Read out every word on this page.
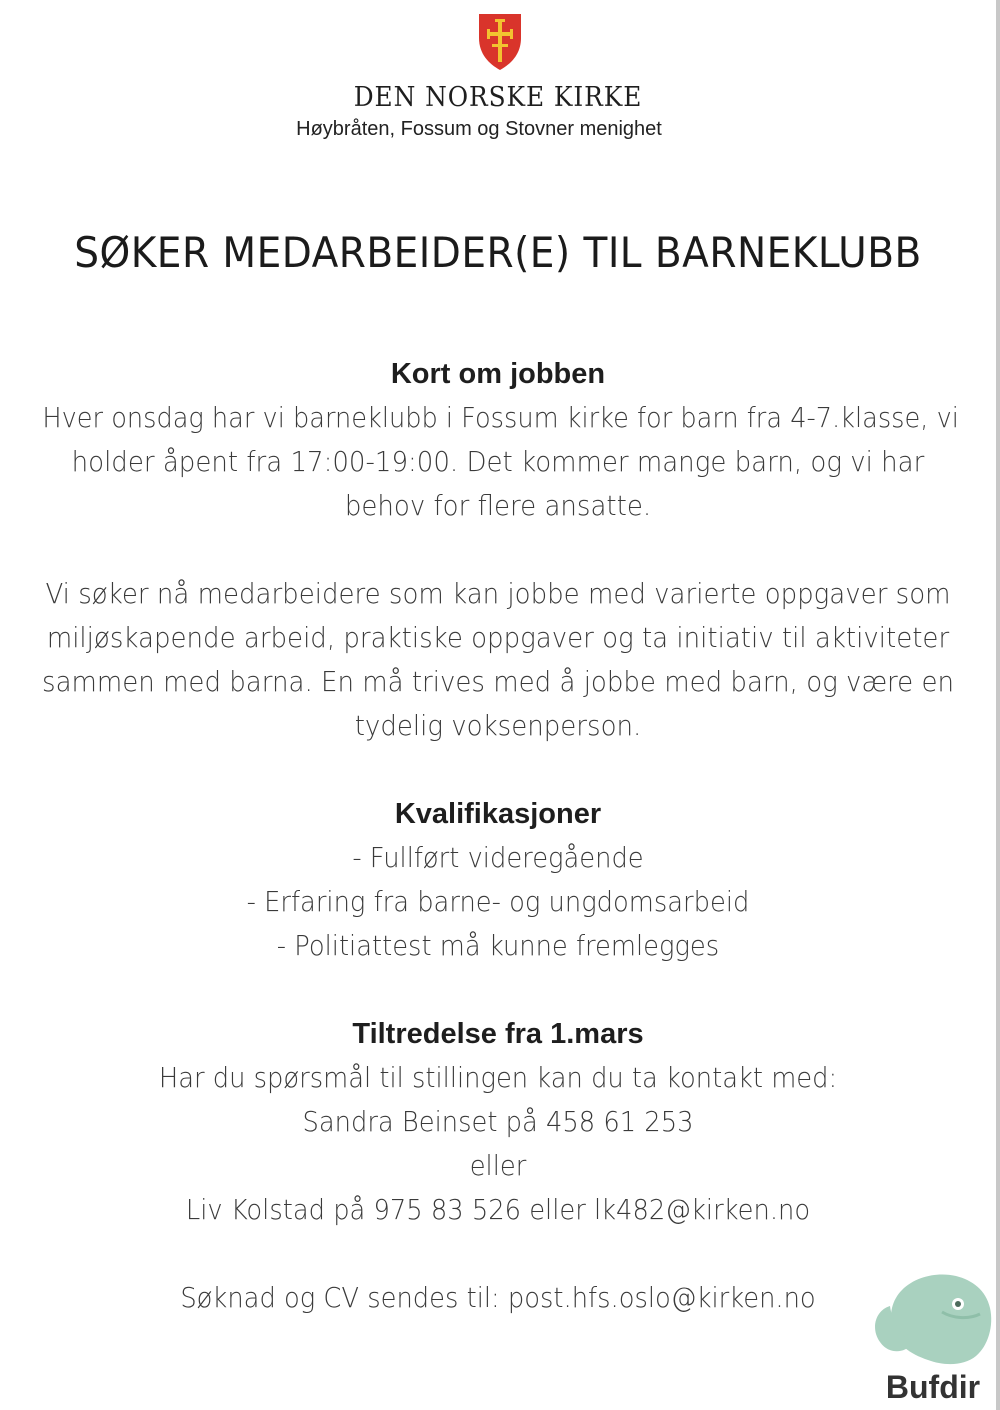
DEN NORSKE KIRKE
Høybråten, Fossum og Stovner menighet
SØKER MEDARBEIDER(E) TIL BARNEKLUBB
Kort om jobben
Hver onsdag har vi barneklubb i Fossum kirke for barn fra 4-7.klasse, vi
holder åpent fra 17:00-19:00. Det kommer mange barn, og vi har
behov for flere ansatte.
Vi søker nå medarbeidere som kan jobbe med varierte oppgaver som
miljøskapende arbeid, praktiske oppgaver og ta initiativ til aktiviteter
sammen med barna. En må trives med å jobbe med barn, og være en
tydelig voksenperson.
Kvalifikasjoner
- Fullført videregående
- Erfaring fra barne- og ungdomsarbeid
- Politiattest må kunne fremlegges
Tiltredelse fra 1.mars
Har du spørsmål til stillingen kan du ta kontakt med:
Sandra Beinset på 458 61 253
eller
Liv Kolstad på 975 83 526 eller lk482@kirken.no
Søknad og CV sendes til: post.hfs.oslo@kirken.no
Bufdir
